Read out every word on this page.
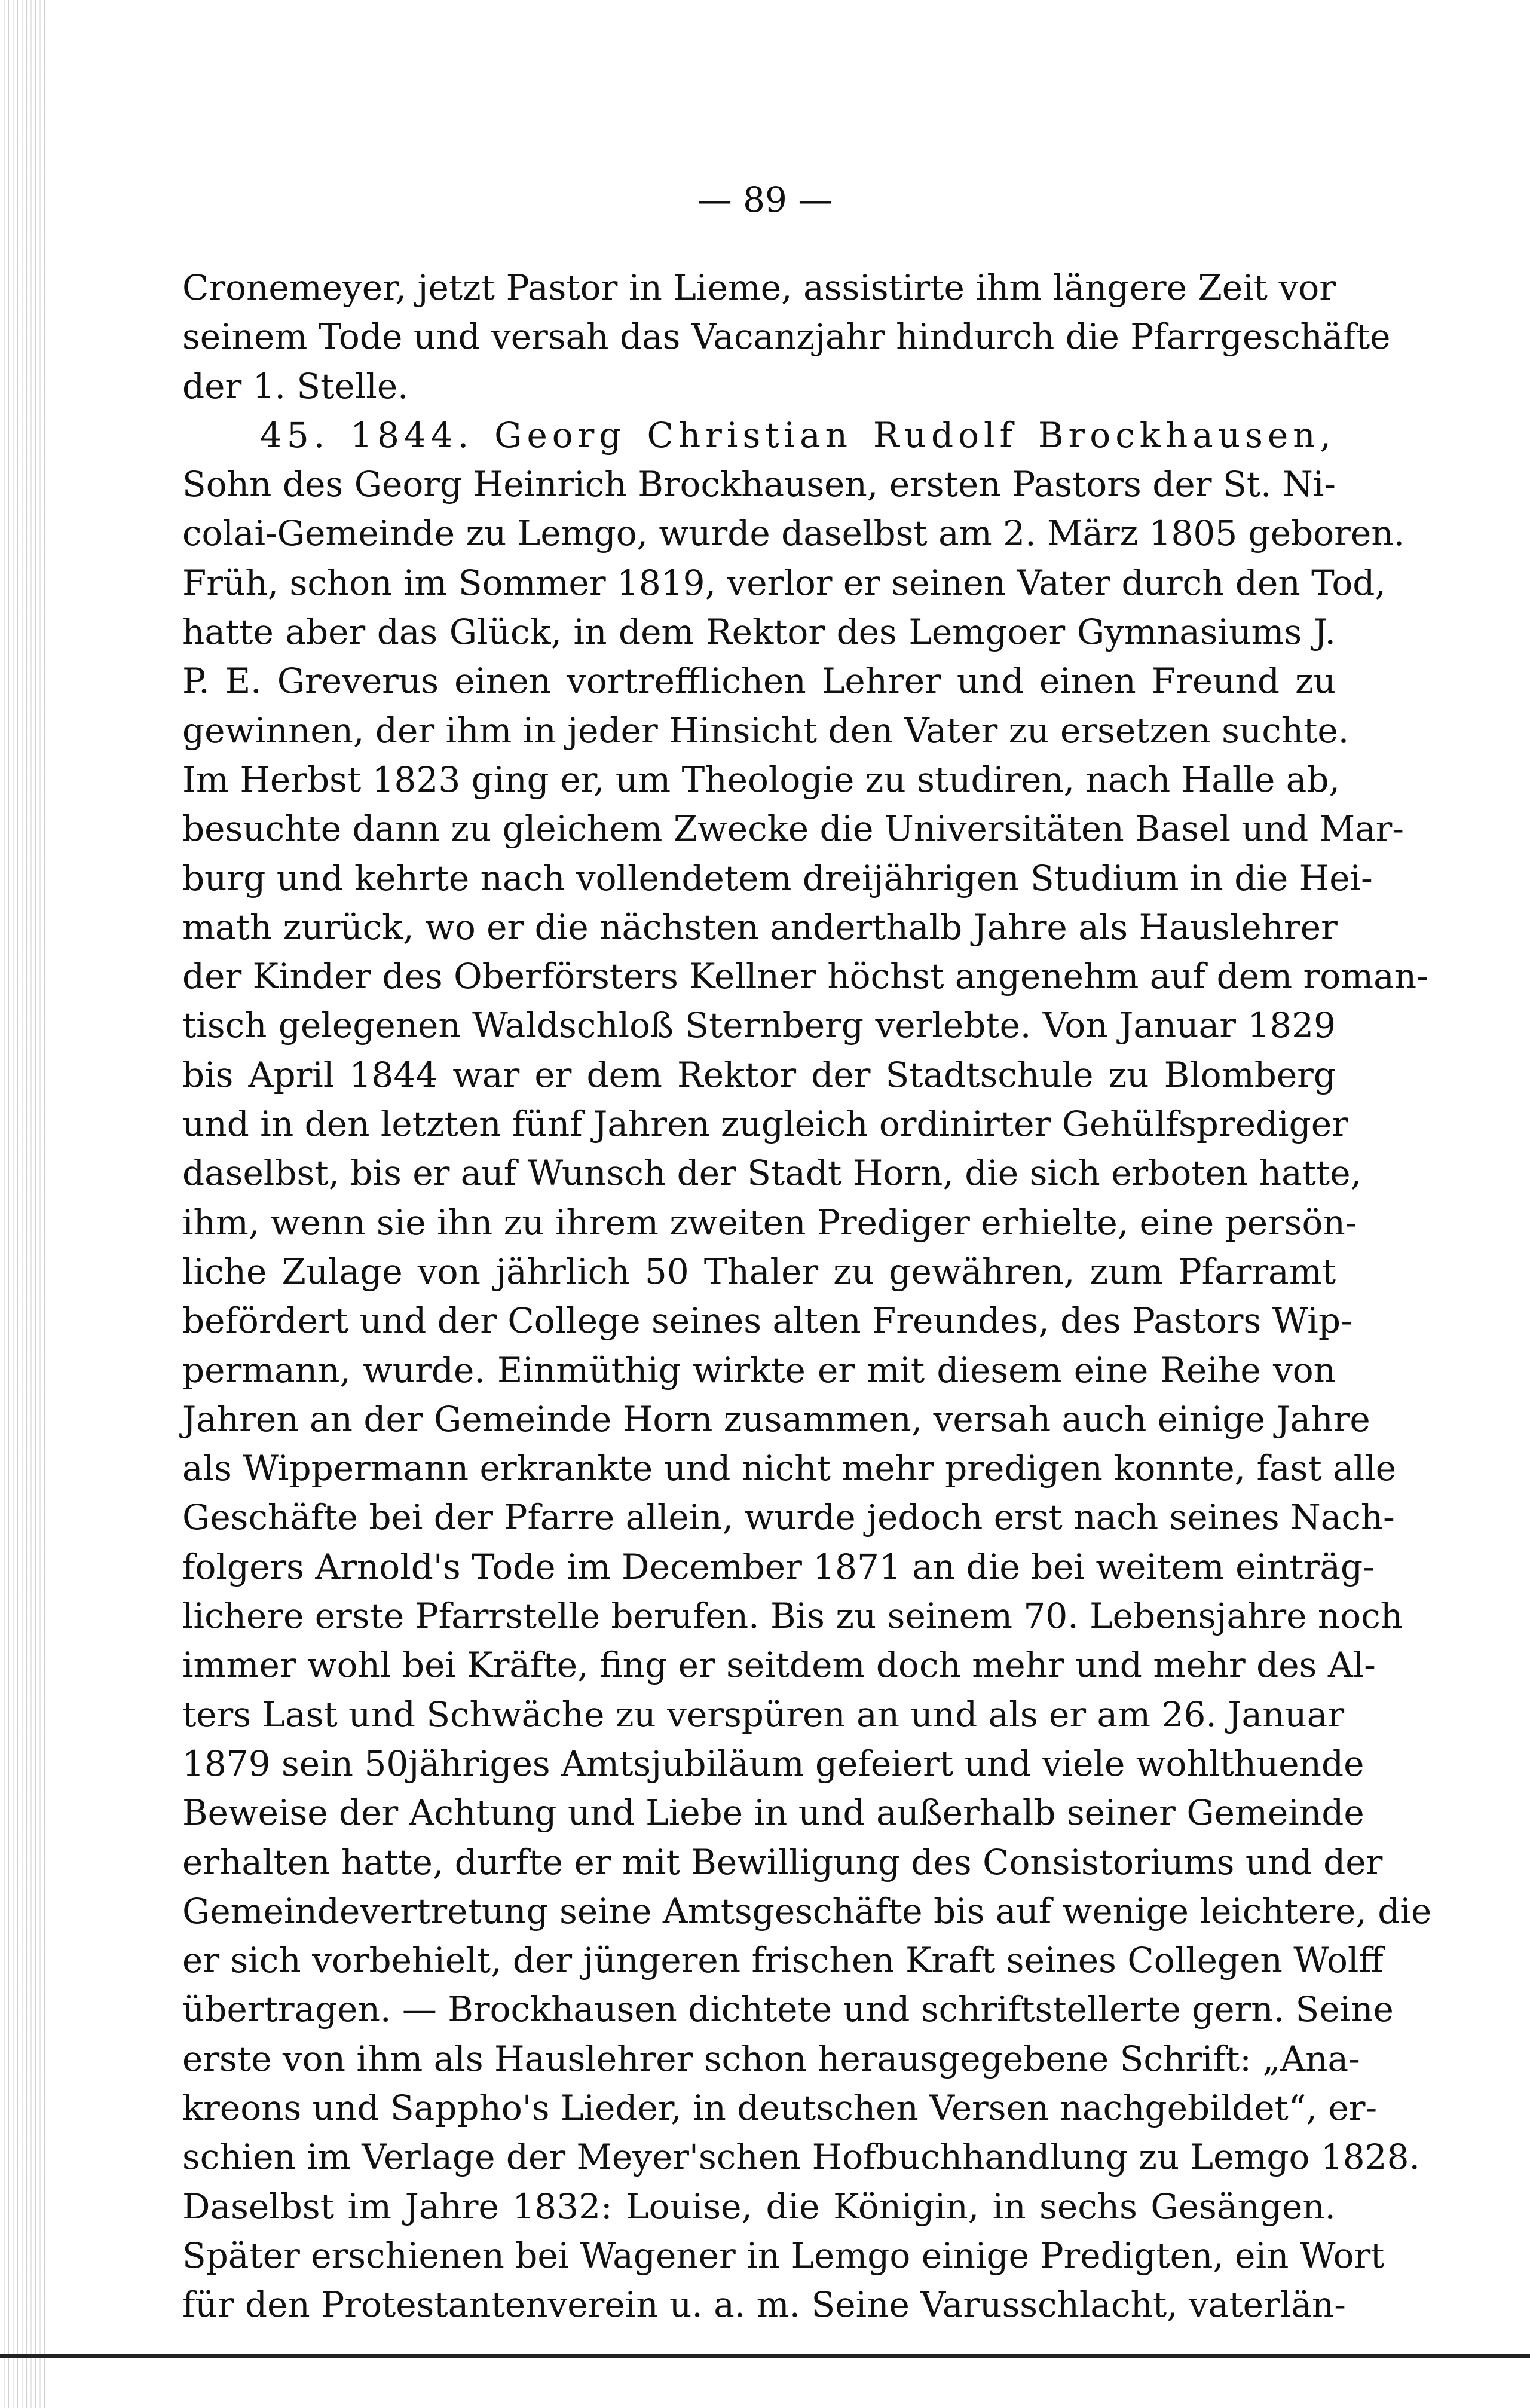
— 89 —
Cronemeyer, jetzt Pastor in Lieme, assistirte ihm längere Zeit vor
seinem Tode und versah das Vacanzjahr hindurch die Pfarrgeschäfte
der 1. Stelle.
45. 1844. Georg Christian Rudolf Brockhausen,
Sohn des Georg Heinrich Brockhausen, ersten Pastors der St. Ni-
colai-Gemeinde zu Lemgo, wurde daselbst am 2. März 1805 geboren.
Früh, schon im Sommer 1819, verlor er seinen Vater durch den Tod,
hatte aber das Glück, in dem Rektor des Lemgoer Gymnasiums J.
P. E. Greverus einen vortrefflichen Lehrer und einen Freund zu
gewinnen, der ihm in jeder Hinsicht den Vater zu ersetzen suchte.
Im Herbst 1823 ging er, um Theologie zu studiren, nach Halle ab,
besuchte dann zu gleichem Zwecke die Universitäten Basel und Mar-
burg und kehrte nach vollendetem dreijährigen Studium in die Hei-
math zurück, wo er die nächsten anderthalb Jahre als Hauslehrer
der Kinder des Oberförsters Kellner höchst angenehm auf dem roman-
tisch gelegenen Waldschloß Sternberg verlebte. Von Januar 1829
bis April 1844 war er dem Rektor der Stadtschule zu Blomberg
und in den letzten fünf Jahren zugleich ordinirter Gehülfsprediger
daselbst, bis er auf Wunsch der Stadt Horn, die sich erboten hatte,
ihm, wenn sie ihn zu ihrem zweiten Prediger erhielte, eine persön-
liche Zulage von jährlich 50 Thaler zu gewähren, zum Pfarramt
befördert und der College seines alten Freundes, des Pastors Wip-
permann, wurde. Einmüthig wirkte er mit diesem eine Reihe von
Jahren an der Gemeinde Horn zusammen, versah auch einige Jahre
als Wippermann erkrankte und nicht mehr predigen konnte, fast alle
Geschäfte bei der Pfarre allein, wurde jedoch erst nach seines Nach-
folgers Arnold's Tode im December 1871 an die bei weitem einträg-
lichere erste Pfarrstelle berufen. Bis zu seinem 70. Lebensjahre noch
immer wohl bei Kräfte, fing er seitdem doch mehr und mehr des Al-
ters Last und Schwäche zu verspüren an und als er am 26. Januar
1879 sein 50jähriges Amtsjubiläum gefeiert und viele wohlthuende
Beweise der Achtung und Liebe in und außerhalb seiner Gemeinde
erhalten hatte, durfte er mit Bewilligung des Consistoriums und der
Gemeindevertretung seine Amtsgeschäfte bis auf wenige leichtere, die
er sich vorbehielt, der jüngeren frischen Kraft seines Collegen Wolff
übertragen. — Brockhausen dichtete und schriftstellerte gern. Seine
erste von ihm als Hauslehrer schon herausgegebene Schrift: „Ana-
kreons und Sappho's Lieder, in deutschen Versen nachgebildet“, er-
schien im Verlage der Meyer'schen Hofbuchhandlung zu Lemgo 1828.
Daselbst im Jahre 1832: Louise, die Königin, in sechs Gesängen.
Später erschienen bei Wagener in Lemgo einige Predigten, ein Wort
für den Protestantenverein u. a. m. Seine Varusschlacht, vaterlän-
